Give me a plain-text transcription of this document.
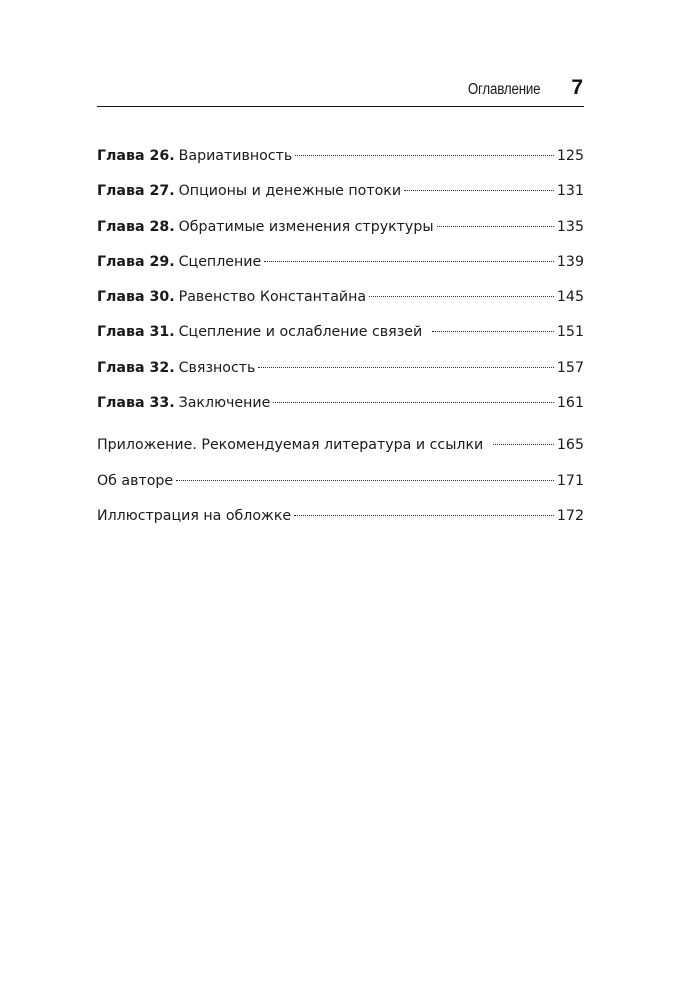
Оглавление 7
Глава 26. Вариативность	125
Глава 27. Опционы и денежные потоки	131
Глава 28. Обратимые изменения структуры	135
Глава 29. Сцепление	139
Глава 30. Равенство Константайна	145
Глава 31. Сцепление и ослабление связей	151
Глава 32. Связность	157
Глава 33. Заключение	161
Приложение. Рекомендуемая литература и ссылки	165
Об авторе	171
Иллюстрация на обложке	172
